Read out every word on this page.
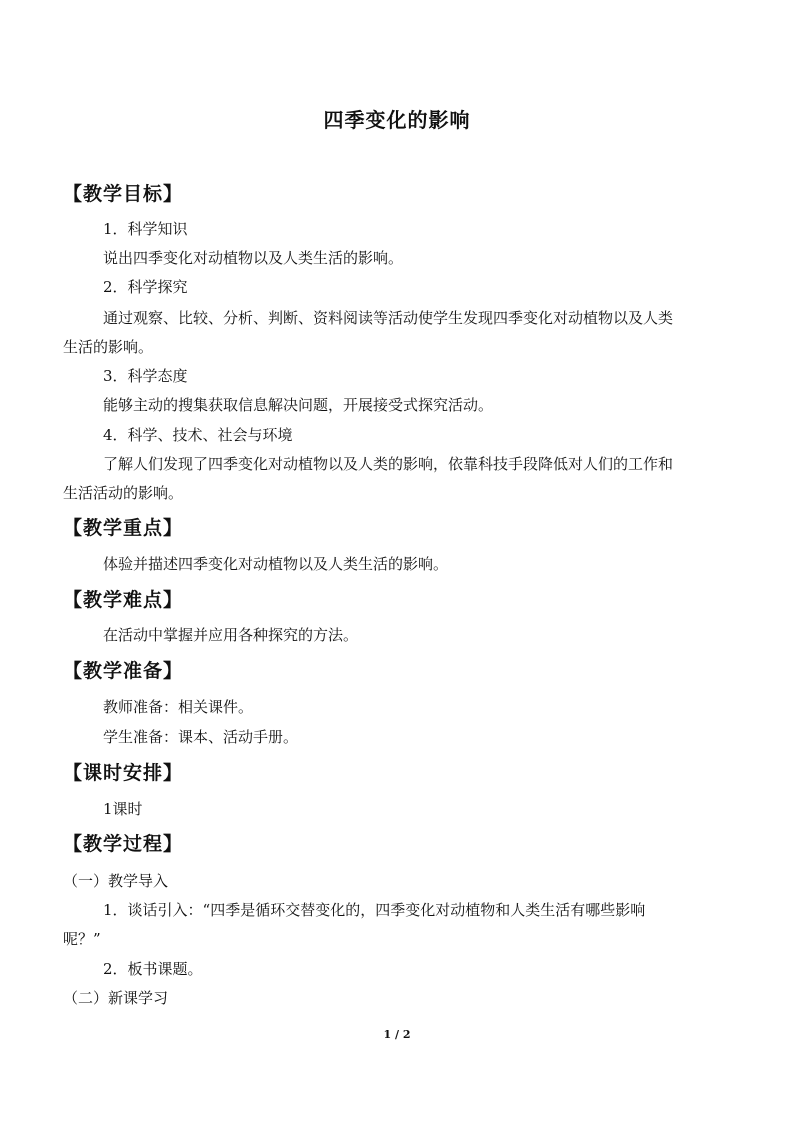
四季变化的影响
【教学目标】
1．科学知识
说出四季变化对动植物以及人类生活的影响。
2．科学探究
通过观察、比较、分析、判断、资料阅读等活动使学生发现四季变化对动植物以及人类
生活的影响。
3．科学态度
能够主动的搜集获取信息解决问题，开展接受式探究活动。
4．科学、技术、社会与环境
了解人们发现了四季变化对动植物以及人类的影响，依靠科技手段降低对人们的工作和
生活活动的影响。
【教学重点】
体验并描述四季变化对动植物以及人类生活的影响。
【教学难点】
在活动中掌握并应用各种探究的方法。
【教学准备】
教师准备：相关课件。
学生准备：课本、活动手册。
【课时安排】
1课时
【教学过程】
（一）教学导入
1．谈话引入：“四季是循环交替变化的，四季变化对动植物和人类生活有哪些影响
呢？”
2．板书课题。
（二）新课学习
1 / 2
